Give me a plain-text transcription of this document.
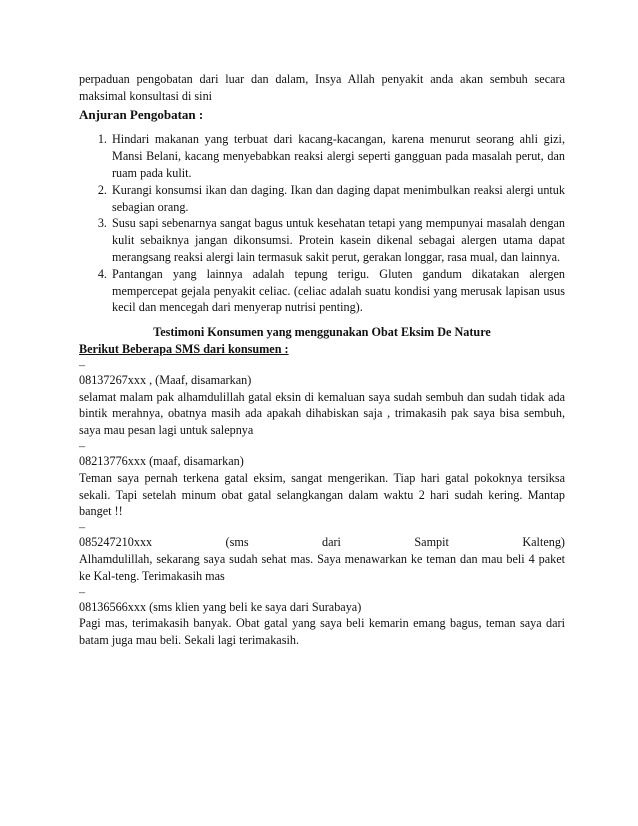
perpaduan pengobatan dari luar dan dalam, Insya Allah penyakit anda akan sembuh secara maksimal konsultasi di sini

Anjuran Pengobatan :

1. Hindari makanan yang terbuat dari kacang-kacangan, karena menurut seorang ahli gizi, Mansi Belani, kacang menyebabkan reaksi alergi seperti gangguan pada masalah perut, dan ruam pada kulit.
2. Kurangi konsumsi ikan dan daging. Ikan dan daging dapat menimbulkan reaksi alergi untuk sebagian orang.
3. Susu sapi sebenarnya sangat bagus untuk kesehatan tetapi yang mempunyai masalah dengan kulit sebaiknya jangan dikonsumsi. Protein kasein dikenal sebagai alergen utama dapat merangsang reaksi alergi lain termasuk sakit perut, gerakan longgar, rasa mual, dan lainnya.
4. Pantangan yang lainnya adalah tepung terigu. Gluten gandum dikatakan alergen mempercepat gejala penyakit celiac. (celiac adalah suatu kondisi yang merusak lapisan usus kecil dan mencegah dari menyerap nutrisi penting).

Testimoni Konsumen yang menggunakan Obat Eksim De Nature

Berikut Beberapa SMS dari konsumen :

–

08137267xxx , (Maaf, disamarkan)

selamat malam pak alhamdulillah gatal eksin di kemaluan saya sudah sembuh dan sudah tidak ada bintik merahnya, obatnya masih ada apakah dihabiskan saja , trimakasih pak saya bisa sembuh, saya mau pesan lagi untuk salepnya

–

08213776xxx (maaf, disamarkan)

Teman saya pernah terkena gatal eksim, sangat mengerikan. Tiap hari gatal pokoknya tersiksa sekali. Tapi setelah minum obat gatal selangkangan dalam waktu 2 hari sudah kering. Mantap banget !!

–

085247210xxx	(sms	dari	Sampit	Kalteng)

Alhamdulillah, sekarang saya sudah sehat mas. Saya menawarkan ke teman dan mau beli 4 paket ke Kal-teng. Terimakasih mas

–

08136566xxx (sms klien yang beli ke saya dari Surabaya)

Pagi mas, terimakasih banyak. Obat gatal yang saya beli kemarin emang bagus, teman saya dari batam juga mau beli. Sekali lagi terimakasih.
